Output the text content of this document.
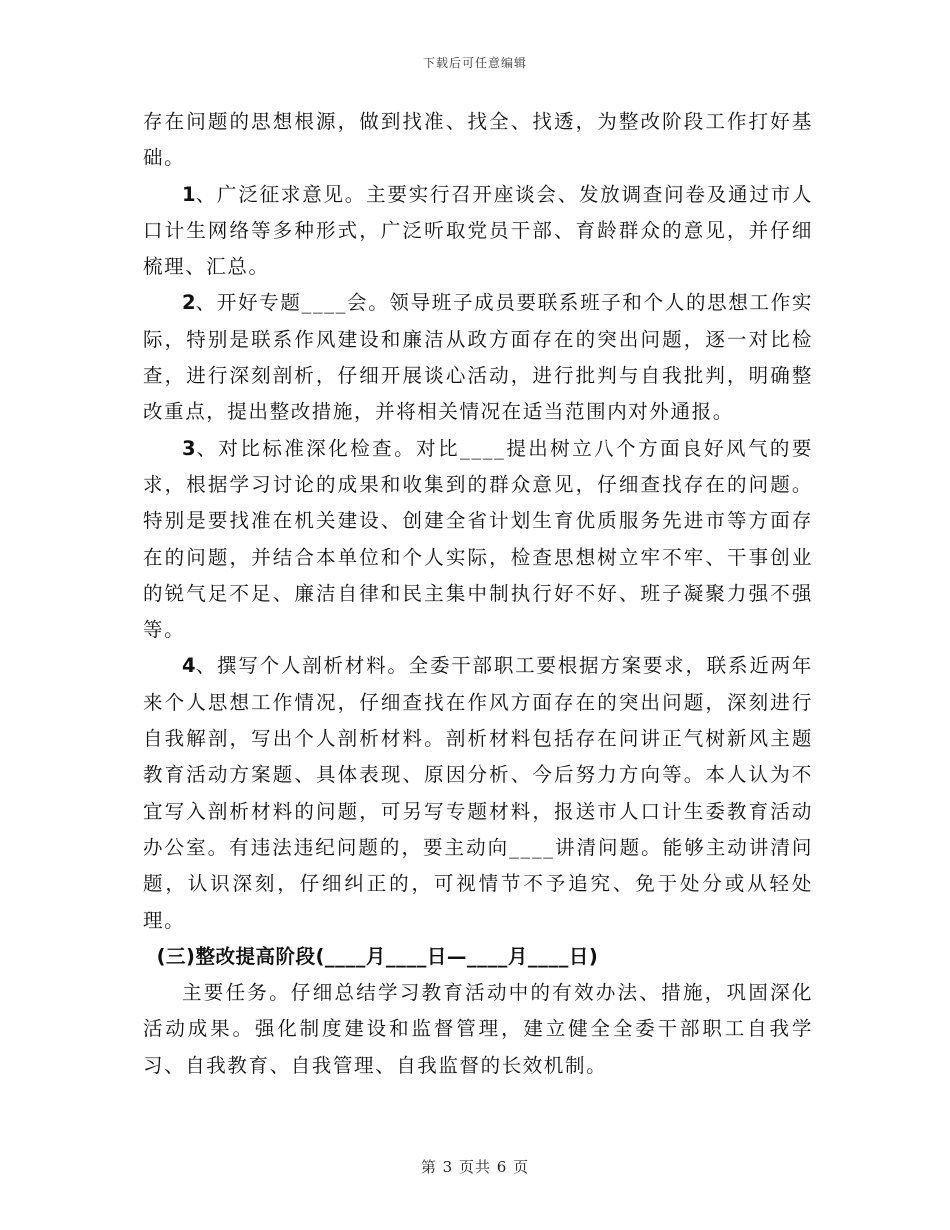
下载后可任意编辑

存在问题的思想根源，做到找准、找全、找透，为整改阶段工作打好基础。

1、广泛征求意见。主要实行召开座谈会、发放调查问卷及通过市人口计生网络等多种形式，广泛听取党员干部、育龄群众的意见，并仔细梳理、汇总。

2、开好专题____会。领导班子成员要联系班子和个人的思想工作实际，特别是联系作风建设和廉洁从政方面存在的突出问题，逐一对比检查，进行深刻剖析，仔细开展谈心活动，进行批判与自我批判，明确整改重点，提出整改措施，并将相关情况在适当范围内对外通报。

3、对比标准深化检查。对比____提出树立八个方面良好风气的要求，根据学习讨论的成果和收集到的群众意见，仔细查找存在的问题。特别是要找准在机关建设、创建全省计划生育优质服务先进市等方面存在的问题，并结合本单位和个人实际，检查思想树立牢不牢、干事创业的锐气足不足、廉洁自律和民主集中制执行好不好、班子凝聚力强不强等。

4、撰写个人剖析材料。全委干部职工要根据方案要求，联系近两年来个人思想工作情况，仔细查找在作风方面存在的突出问题，深刻进行自我解剖，写出个人剖析材料。剖析材料包括存在问讲正气树新风主题教育活动方案题、具体表现、原因分析、今后努力方向等。本人认为不宜写入剖析材料的问题，可另写专题材料，报送市人口计生委教育活动办公室。有违法违纪问题的，要主动向____讲清问题。能够主动讲清问题，认识深刻，仔细纠正的，可视情节不予追究、免于处分或从轻处理。

(三)整改提高阶段(____月____日—____月____日)

主要任务。仔细总结学习教育活动中的有效办法、措施，巩固深化活动成果。强化制度建设和监督管理，建立健全全委干部职工自我学习、自我教育、自我管理、自我监督的长效机制。

第 3 页共 6 页
